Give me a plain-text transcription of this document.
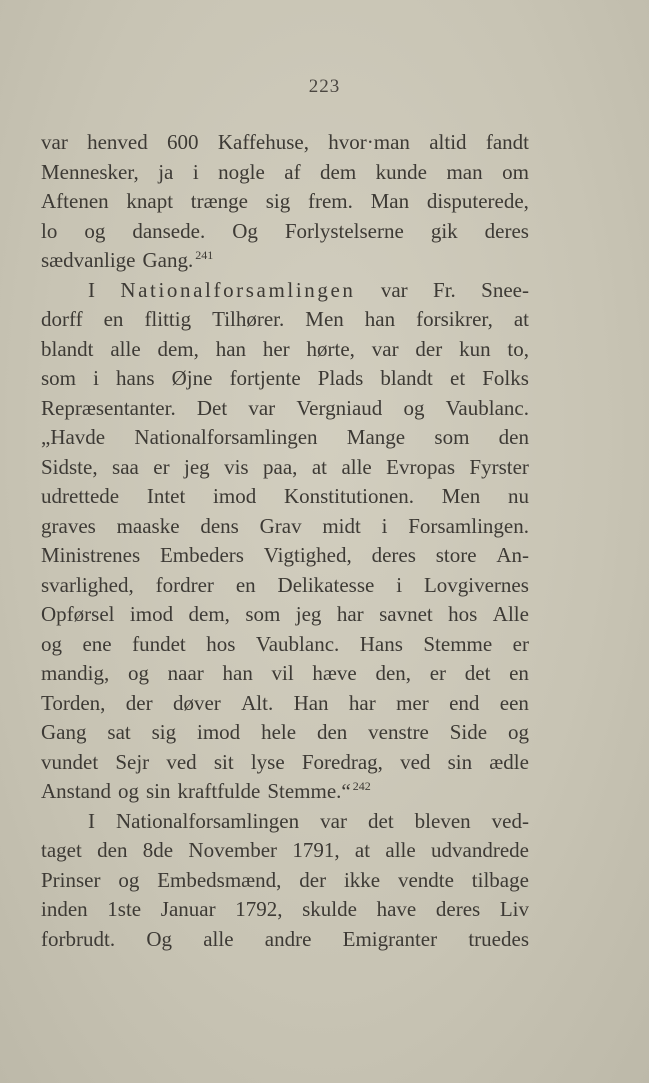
223
var henved 600 Kaffehuse, hvor·man altid fandt
Mennesker, ja i nogle af dem kunde man om
Aftenen knapt trænge sig frem. Man disputerede,
lo og dansede. Og Forlystelserne gik deres
sædvanlige Gang. $^{241}$
I Nationalforsamlingen var Fr. Snee-
dorff en flittig Tilhører. Men han forsikrer, at
blandt alle dem, han her hørte, var der kun to,
som i hans Øjne fortjente Plads blandt et Folks
Repræsentanter. Det var Vergniaud og Vaublanc.
„Havde Nationalforsamlingen Mange som den
Sidste, saa er jeg vis paa, at alle Evropas Fyrster
udrettede Intet imod Konstitutionen. Men nu
graves maaske dens Grav midt i Forsamlingen.
Ministrenes Embeders Vigtighed, deres store An-
svarlighed, fordrer en Delikatesse i Lovgivernes
Opførsel imod dem, som jeg har savnet hos Alle
og ene fundet hos Vaublanc. Hans Stemme er
mandig, og naar han vil hæve den, er det en
Torden, der døver Alt. Han har mer end een
Gang sat sig imod hele den venstre Side og
vundet Sejr ved sit lyse Foredrag, ved sin ædle
Anstand og sin kraftfulde Stemme.“ $^{242}$
I Nationalforsamlingen var det bleven ved-
taget den 8de November 1791, at alle udvandrede
Prinser og Embedsmænd, der ikke vendte tilbage
inden 1ste Januar 1792, skulde have deres Liv
forbrudt. Og alle andre Emigranter truedes
